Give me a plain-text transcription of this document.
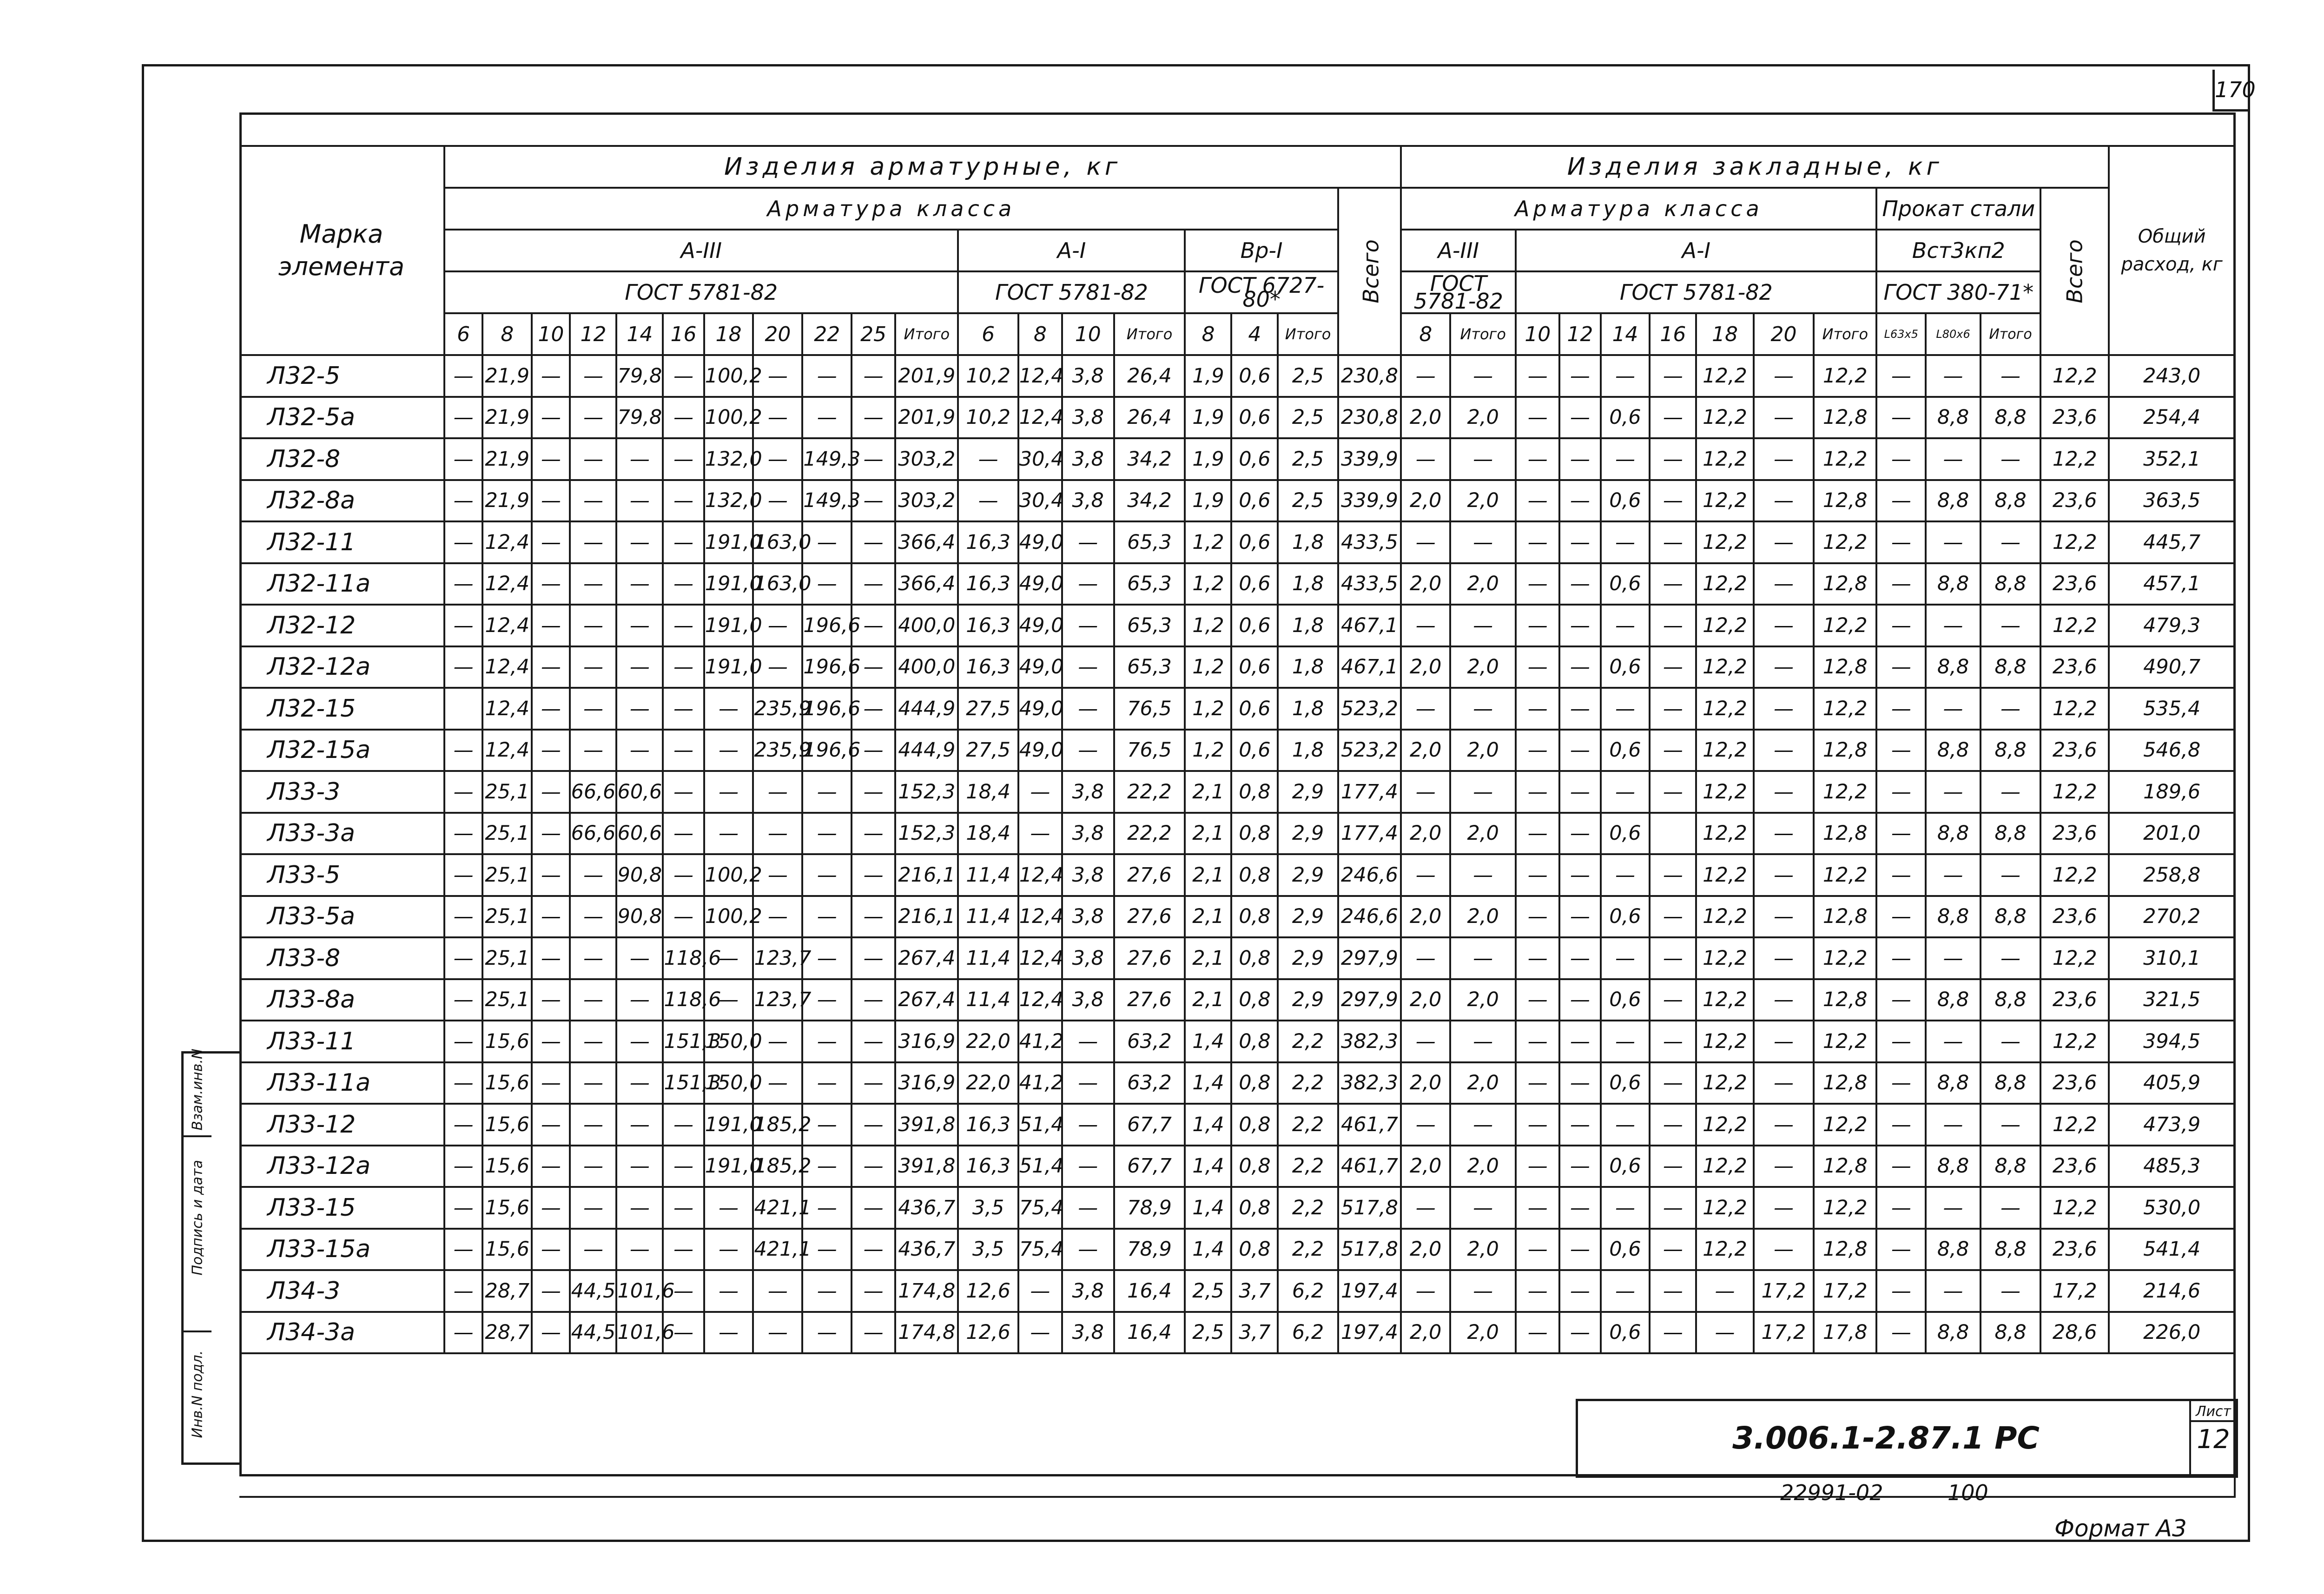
170
Марка элемента	Изделия арматурные, кг																			Изделия закладные, кг													Общий расход, кг
	Арматура класса																		Всего	Арматура класса									Прокат стали			Всего	
	А-III											А-I				Вр-I				А-III		А-I							Вст3кп2				
	ГОСТ 5781-82											ГОСТ 5781-82				ГОСТ 6727-80*				ГОСТ 5781-82		ГОСТ 5781-82							ГОСТ 380-71*				
	6	8	10	12	14	16	18	20	22	25	Итого	6	8	10	Итого	8	4	Итого		8	Итого	10	12	14	16	18	20	Итого	L63x5	L80x6	Итого		
Л32-5	—	21,9	—	—	79,8	—	100,2	—	—	—	201,9	10,2	12,4	3,8	26,4	1,9	0,6	2,5	230,8	—	—	—	—	—	—	12,2	—	12,2	—	—	—	12,2	243,0
Л32-5а	—	21,9	—	—	79,8	—	100,2	—	—	—	201,9	10,2	12,4	3,8	26,4	1,9	0,6	2,5	230,8	2,0	2,0	—	—	0,6	—	12,2	—	12,8	—	8,8	8,8	23,6	254,4
Л32-8	—	21,9	—	—	—	—	132,0	—	149,3	—	303,2	—	30,4	3,8	34,2	1,9	0,6	2,5	339,9	—	—	—	—	—	—	12,2	—	12,2	—	—	—	12,2	352,1
Л32-8а	—	21,9	—	—	—	—	132,0	—	149,3	—	303,2	—	30,4	3,8	34,2	1,9	0,6	2,5	339,9	2,0	2,0	—	—	0,6	—	12,2	—	12,8	—	8,8	8,8	23,6	363,5
Л32-11	—	12,4	—	—	—	—	191,0	163,0	—	—	366,4	16,3	49,0	—	65,3	1,2	0,6	1,8	433,5	—	—	—	—	—	—	12,2	—	12,2	—	—	—	12,2	445,7
Л32-11а	—	12,4	—	—	—	—	191,0	163,0	—	—	366,4	16,3	49,0	—	65,3	1,2	0,6	1,8	433,5	2,0	2,0	—	—	0,6	—	12,2	—	12,8	—	8,8	8,8	23,6	457,1
Л32-12	—	12,4	—	—	—	—	191,0	—	196,6	—	400,0	16,3	49,0	—	65,3	1,2	0,6	1,8	467,1	—	—	—	—	—	—	12,2	—	12,2	—	—	—	12,2	479,3
Л32-12а	—	12,4	—	—	—	—	191,0	—	196,6	—	400,0	16,3	49,0	—	65,3	1,2	0,6	1,8	467,1	2,0	2,0	—	—	0,6	—	12,2	—	12,8	—	8,8	8,8	23,6	490,7
Л32-15		12,4	—	—	—	—	—	235,9	196,6	—	444,9	27,5	49,0	—	76,5	1,2	0,6	1,8	523,2	—	—	—	—	—	—	12,2	—	12,2	—	—	—	12,2	535,4
Л32-15а	—	12,4	—	—	—	—	—	235,9	196,6	—	444,9	27,5	49,0	—	76,5	1,2	0,6	1,8	523,2	2,0	2,0	—	—	0,6	—	12,2	—	12,8	—	8,8	8,8	23,6	546,8
Л33-3	—	25,1	—	66,6	60,6	—	—	—	—	—	152,3	18,4	—	3,8	22,2	2,1	0,8	2,9	177,4	—	—	—	—	—	—	12,2	—	12,2	—	—	—	12,2	189,6
Л33-3а	—	25,1	—	66,6	60,6	—	—	—	—	—	152,3	18,4	—	3,8	22,2	2,1	0,8	2,9	177,4	2,0	2,0	—	—	0,6		12,2	—	12,8	—	8,8	8,8	23,6	201,0
Л33-5	—	25,1	—	—	90,8	—	100,2	—	—	—	216,1	11,4	12,4	3,8	27,6	2,1	0,8	2,9	246,6	—	—	—	—	—	—	12,2	—	12,2	—	—	—	12,2	258,8
Л33-5а	—	25,1	—	—	90,8	—	100,2	—	—	—	216,1	11,4	12,4	3,8	27,6	2,1	0,8	2,9	246,6	2,0	2,0	—	—	0,6	—	12,2	—	12,8	—	8,8	8,8	23,6	270,2
Л33-8	—	25,1	—	—	—	118,6	—	123,7	—	—	267,4	11,4	12,4	3,8	27,6	2,1	0,8	2,9	297,9	—	—	—	—	—	—	12,2	—	12,2	—	—	—	12,2	310,1
Л33-8а	—	25,1	—	—	—	118,6	—	123,7	—	—	267,4	11,4	12,4	3,8	27,6	2,1	0,8	2,9	297,9	2,0	2,0	—	—	0,6	—	12,2	—	12,8	—	8,8	8,8	23,6	321,5
Л33-11	—	15,6	—	—	—	151,3	150,0	—	—	—	316,9	22,0	41,2	—	63,2	1,4	0,8	2,2	382,3	—	—	—	—	—	—	12,2	—	12,2	—	—	—	12,2	394,5
Л33-11а	—	15,6	—	—	—	151,3	150,0	—	—	—	316,9	22,0	41,2	—	63,2	1,4	0,8	2,2	382,3	2,0	2,0	—	—	0,6	—	12,2	—	12,8	—	8,8	8,8	23,6	405,9
Л33-12	—	15,6	—	—	—	—	191,0	185,2	—	—	391,8	16,3	51,4	—	67,7	1,4	0,8	2,2	461,7	—	—	—	—	—	—	12,2	—	12,2	—	—	—	12,2	473,9
Л33-12а	—	15,6	—	—	—	—	191,0	185,2	—	—	391,8	16,3	51,4	—	67,7	1,4	0,8	2,2	461,7	2,0	2,0	—	—	0,6	—	12,2	—	12,8	—	8,8	8,8	23,6	485,3
Л33-15	—	15,6	—	—	—	—	—	421,1	—	—	436,7	3,5	75,4	—	78,9	1,4	0,8	2,2	517,8	—	—	—	—	—	—	12,2	—	12,2	—	—	—	12,2	530,0
Л33-15а	—	15,6	—	—	—	—	—	421,1	—	—	436,7	3,5	75,4	—	78,9	1,4	0,8	2,2	517,8	2,0	2,0	—	—	0,6	—	12,2	—	12,8	—	8,8	8,8	23,6	541,4
Л34-3	—	28,7	—	44,5	101,6	—	—	—	—	—	174,8	12,6	—	3,8	16,4	2,5	3,7	6,2	197,4	—	—	—	—	—	—	—	17,2	17,2	—	—	—	17,2	214,6
Л34-3а	—	28,7	—	44,5	101,6	—	—	—	—	—	174,8	12,6	—	3,8	16,4	2,5	3,7	6,2	197,4	2,0	2,0	—	—	0,6	—	—	17,2	17,8	—	8,8	8,8	28,6	226,0

Взам.инв.N
Подпись и дата
Инв.N подл.	3.006.1-2.87.1 РС
Лист
12
22991-02	100
Формат А3
